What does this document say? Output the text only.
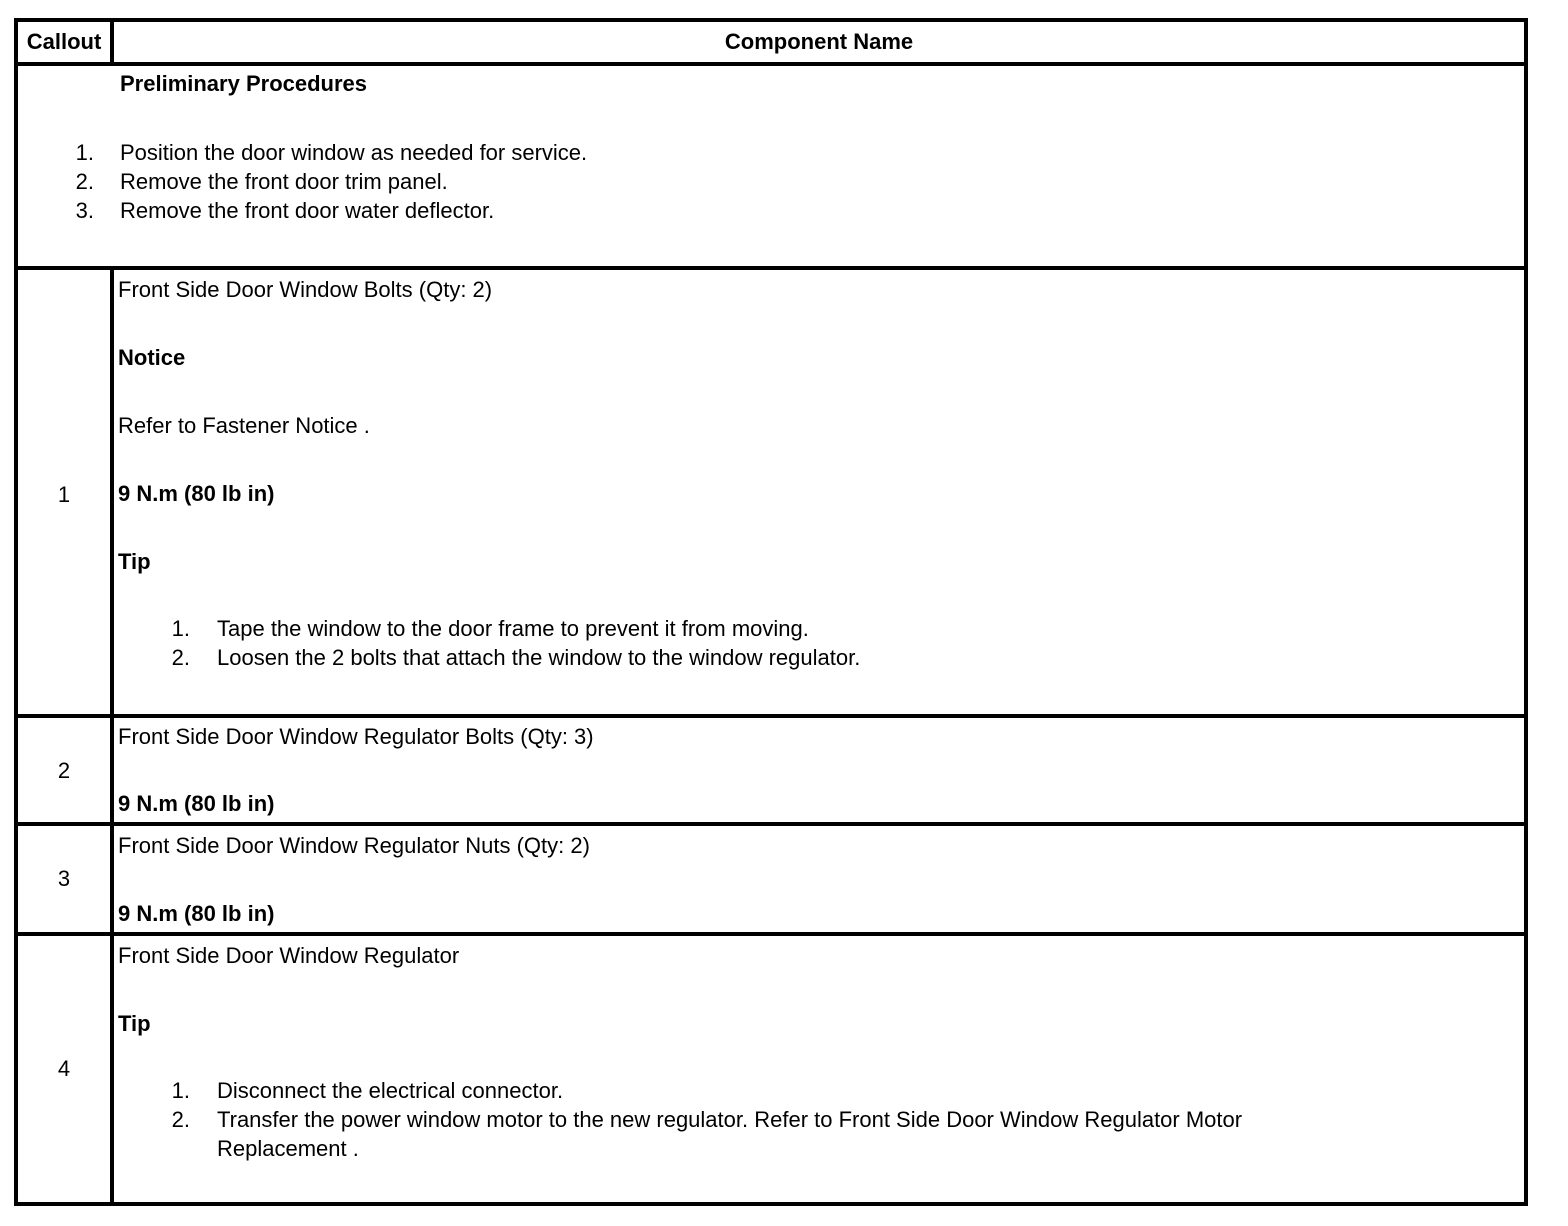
Callout	Component Name
Preliminary Procedures
1. Position the door window as needed for service.
2. Remove the front door trim panel.
3. Remove the front door water deflector.
1
Front Side Door Window Bolts (Qty: 2)
Notice
Refer to Fastener Notice .
9 N.m (80 lb in)
Tip
1. Tape the window to the door frame to prevent it from moving.
2. Loosen the 2 bolts that attach the window to the window regulator.
2
Front Side Door Window Regulator Bolts (Qty: 3)
9 N.m (80 lb in)
3
Front Side Door Window Regulator Nuts (Qty: 2)
9 N.m (80 lb in)
4
Front Side Door Window Regulator
Tip
1. Disconnect the electrical connector.
2. Transfer the power window motor to the new regulator. Refer to Front Side Door Window Regulator Motor
Replacement .
